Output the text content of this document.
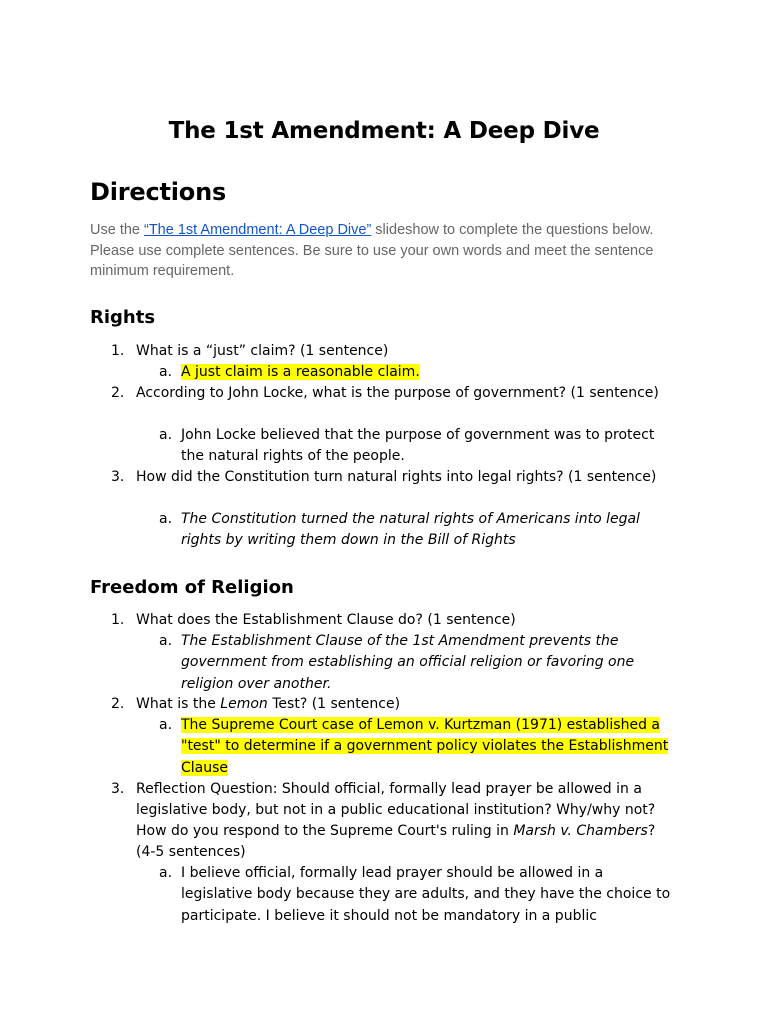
The 1st Amendment: A Deep Dive
Directions

Use the “The 1st Amendment: A Deep Dive” slideshow to complete the questions below. Please use complete sentences. Be sure to use your own words and meet the sentence minimum requirement.

Rights
1. What is a “just” claim? (1 sentence)
a. A just claim is a reasonable claim.
2. According to John Locke, what is the purpose of government? (1 sentence)
a. John Locke believed that the purpose of government was to protect the natural rights of the people.
3. How did the Constitution turn natural rights into legal rights? (1 sentence)
a. The Constitution turned the natural rights of Americans into legal rights by writing them down in the Bill of Rights
Freedom of Religion
1. What does the Establishment Clause do? (1 sentence)
a. The Establishment Clause of the 1st Amendment prevents the government from establishing an official religion or favoring one religion over another.
2. What is the Lemon Test? (1 sentence)
a. The Supreme Court case of Lemon v. Kurtzman (1971) established a "test" to determine if a government policy violates the Establishment Clause
3. Reflection Question: Should official, formally lead prayer be allowed in a legislative body, but not in a public educational institution? Why/why not? How do you respond to the Supreme Court's ruling in Marsh v. Chambers? (4-5 sentences)
a. I believe official, formally lead prayer should be allowed in a legislative body because they are adults, and they have the choice to participate. I believe it should not be mandatory in a public
